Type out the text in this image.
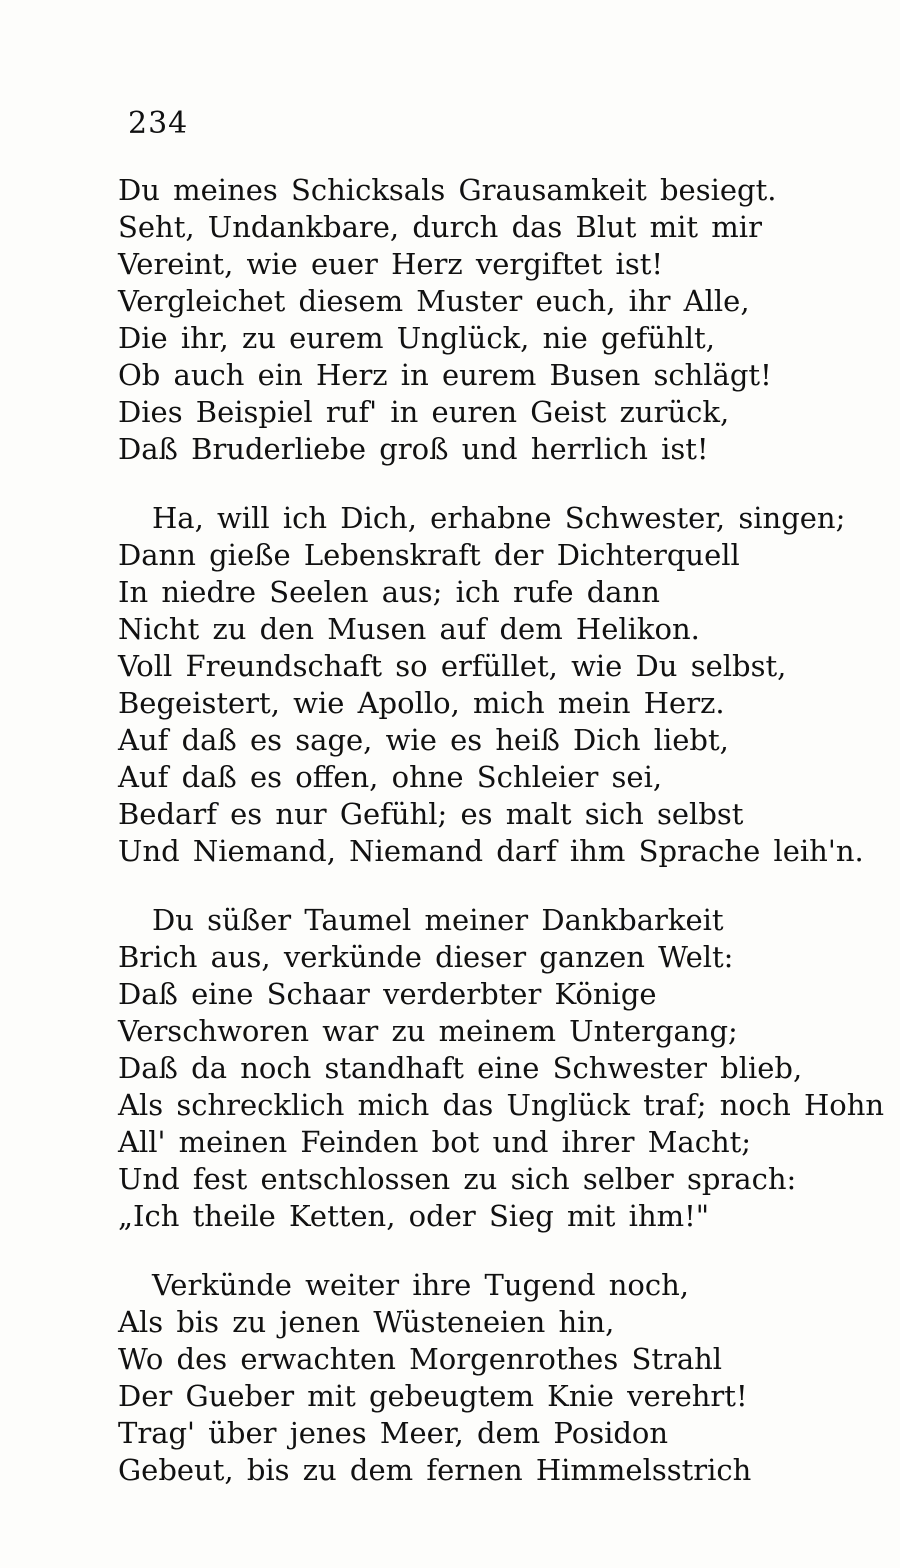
234
Du meines Schicksals Grausamkeit besiegt.
Seht, Undankbare, durch das Blut mit mir
Vereint, wie euer Herz vergiftet ist!
Vergleichet diesem Muster euch, ihr Alle,
Die ihr, zu eurem Unglück, nie gefühlt,
Ob auch ein Herz in eurem Busen schlägt!
Dies Beispiel ruf' in euren Geist zurück,
Daß Bruderliebe groß und herrlich ist!
Ha, will ich Dich, erhabne Schwester, singen;
Dann gieße Lebenskraft der Dichterquell
In niedre Seelen aus; ich rufe dann
Nicht zu den Musen auf dem Helikon.
Voll Freundschaft so erfüllet, wie Du selbst,
Begeistert, wie Apollo, mich mein Herz.
Auf daß es sage, wie es heiß Dich liebt,
Auf daß es offen, ohne Schleier sei,
Bedarf es nur Gefühl; es malt sich selbst
Und Niemand, Niemand darf ihm Sprache leih'n.
Du süßer Taumel meiner Dankbarkeit
Brich aus, verkünde dieser ganzen Welt:
Daß eine Schaar verderbter Könige
Verschworen war zu meinem Untergang;
Daß da noch standhaft eine Schwester blieb,
Als schrecklich mich das Unglück traf; noch Hohn
All' meinen Feinden bot und ihrer Macht;
Und fest entschlossen zu sich selber sprach:
„Ich theile Ketten, oder Sieg mit ihm!"
Verkünde weiter ihre Tugend noch,
Als bis zu jenen Wüsteneien hin,
Wo des erwachten Morgenrothes Strahl
Der Gueber mit gebeugtem Knie verehrt!
Trag' über jenes Meer, dem Posidon
Gebeut, bis zu dem fernen Himmelsstrich
